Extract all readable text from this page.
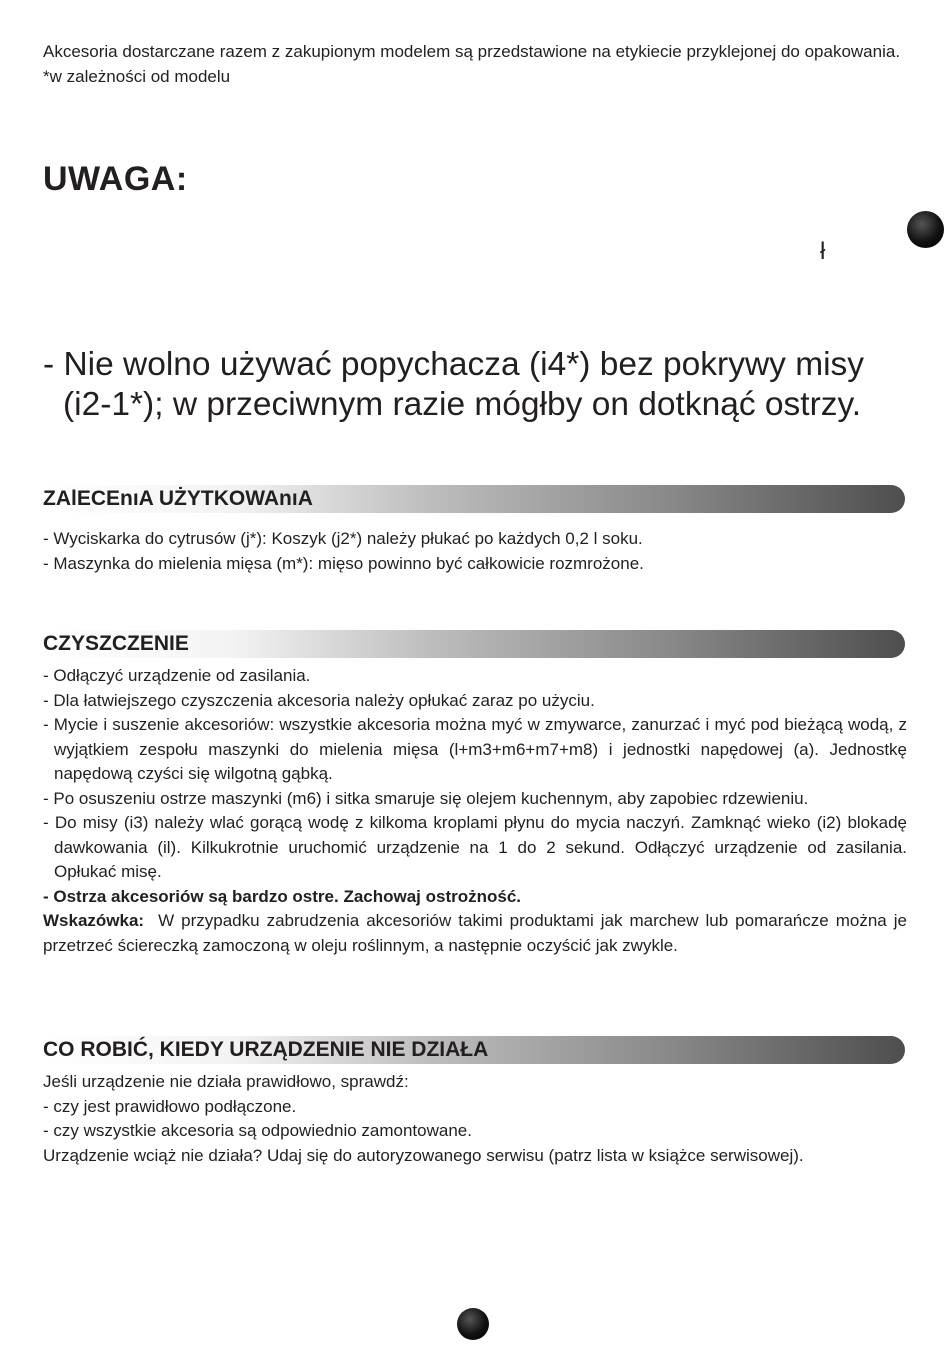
Akcesoria dostarczane razem z zakupionym modelem są przedstawione na etykiecie przyklejonej do opakowania.
*w zależności od modelu
UWAGA:
ł
- Nie wolno używać popychacza (i4*) bez pokrywy misy
(i2-1*); w przeciwnym razie mógłby on dotknąć ostrzy.
ZAlECEnıA UŻYTKOWAnıA
- Wyciskarka do cytrusów (j*): Koszyk (j2*) należy płukać po każdych 0,2 l soku.
- Maszynka do mielenia mięsa (m*): mięso powinno być całkowicie rozmrożone.
CZYSZCZENIE
- Odłączyć urządzenie od zasilania.
- Dla łatwiejszego czyszczenia akcesoria należy opłukać zaraz po użyciu.
- Mycie i suszenie akcesoriów: wszystkie akcesoria można myć w zmywarce, zanurzać i myć pod bieżącą wodą, z wyjątkiem zespołu maszynki do mielenia mięsa (l+m3+m6+m7+m8) i jednostki napędowej (a). Jednostkę napędową czyści się wilgotną gąbką.
- Po osuszeniu ostrze maszynki (m6) i sitka smaruje się olejem kuchennym, aby zapobiec rdzewieniu.
- Do misy (i3) należy wlać gorącą wodę z kilkoma kroplami płynu do mycia naczyń. Zamknąć wieko (i2) blokadę dawkowania (il). Kilkukrotnie uruchomić urządzenie na 1 do 2 sekund. Odłączyć urządzenie od zasilania. Opłukać misę.
- Ostrza akcesoriów są bardzo ostre. Zachowaj ostrożność.
Wskazówka: W przypadku zabrudzenia akcesoriów takimi produktami jak marchew lub pomarańcze można je przetrzeć ściereczką zamoczoną w oleju roślinnym, a następnie oczyścić jak zwykle.
CO ROBIĆ, KIEDY URZĄDZENIE NIE DZIAŁA
Jeśli urządzenie nie działa prawidłowo, sprawdź:
- czy jest prawidłowo podłączone.
- czy wszystkie akcesoria są odpowiednio zamontowane.
Urządzenie wciąż nie działa? Udaj się do autoryzowanego serwisu (patrz lista w książce serwisowej).
